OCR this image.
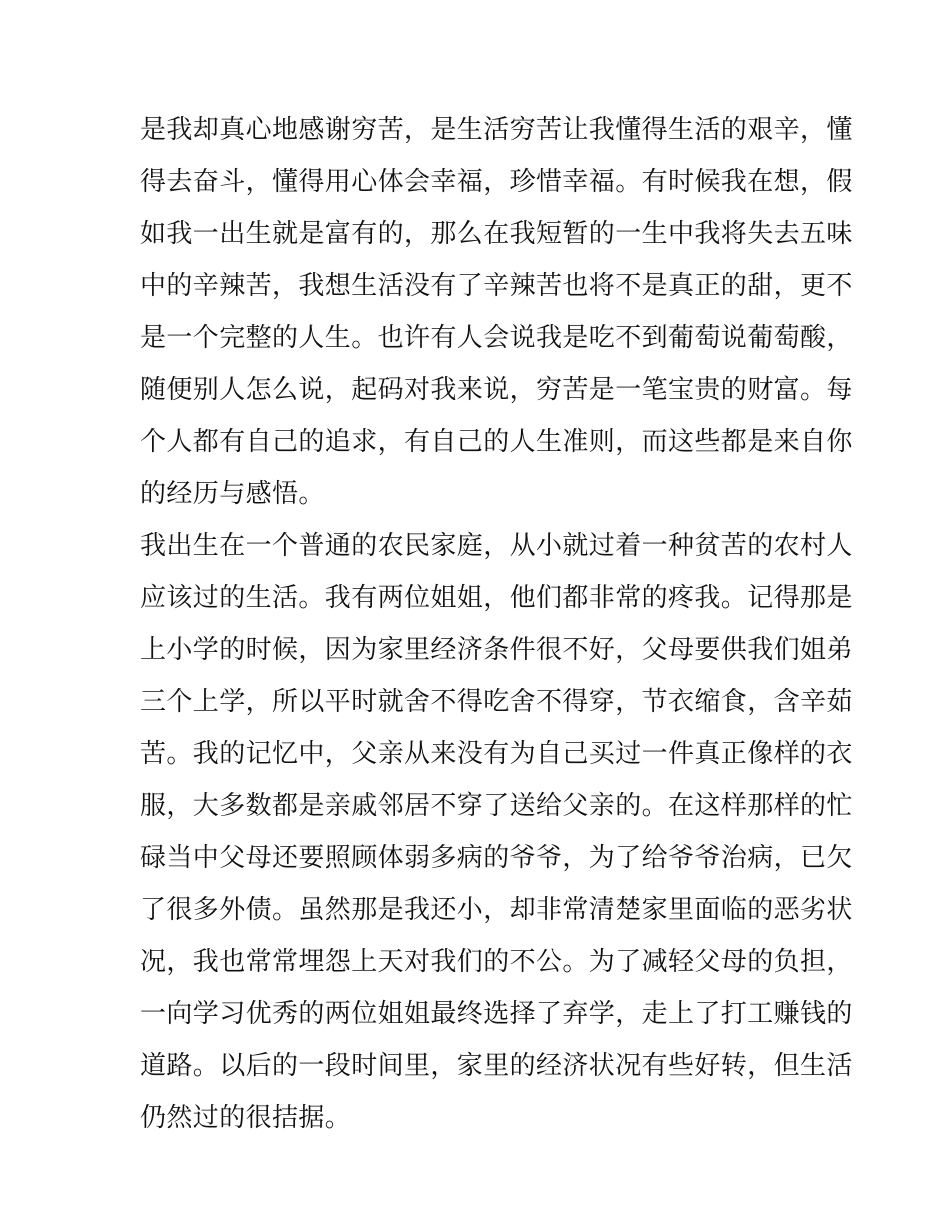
是我却真心地感谢穷苦，是生活穷苦让我懂得生活的艰辛，懂
得去奋斗，懂得用心体会幸福，珍惜幸福。有时候我在想，假
如我一出生就是富有的，那么在我短暂的一生中我将失去五味
中的辛辣苦，我想生活没有了辛辣苦也将不是真正的甜，更不
是一个完整的人生。也许有人会说我是吃不到葡萄说葡萄酸，
随便别人怎么说，起码对我来说，穷苦是一笔宝贵的财富。每
个人都有自己的追求，有自己的人生准则，而这些都是来自你
的经历与感悟。
我出生在一个普通的农民家庭，从小就过着一种贫苦的农村人
应该过的生活。我有两位姐姐，他们都非常的疼我。记得那是
上小学的时候，因为家里经济条件很不好，父母要供我们姐弟
三个上学，所以平时就舍不得吃舍不得穿，节衣缩食，含辛茹
苦。我的记忆中，父亲从来没有为自己买过一件真正像样的衣
服，大多数都是亲戚邻居不穿了送给父亲的。在这样那样的忙
碌当中父母还要照顾体弱多病的爷爷，为了给爷爷治病，已欠
了很多外债。虽然那是我还小，却非常清楚家里面临的恶劣状
况，我也常常埋怨上天对我们的不公。为了减轻父母的负担，
一向学习优秀的两位姐姐最终选择了弃学，走上了打工赚钱的
道路。以后的一段时间里，家里的经济状况有些好转，但生活
仍然过的很拮据。
